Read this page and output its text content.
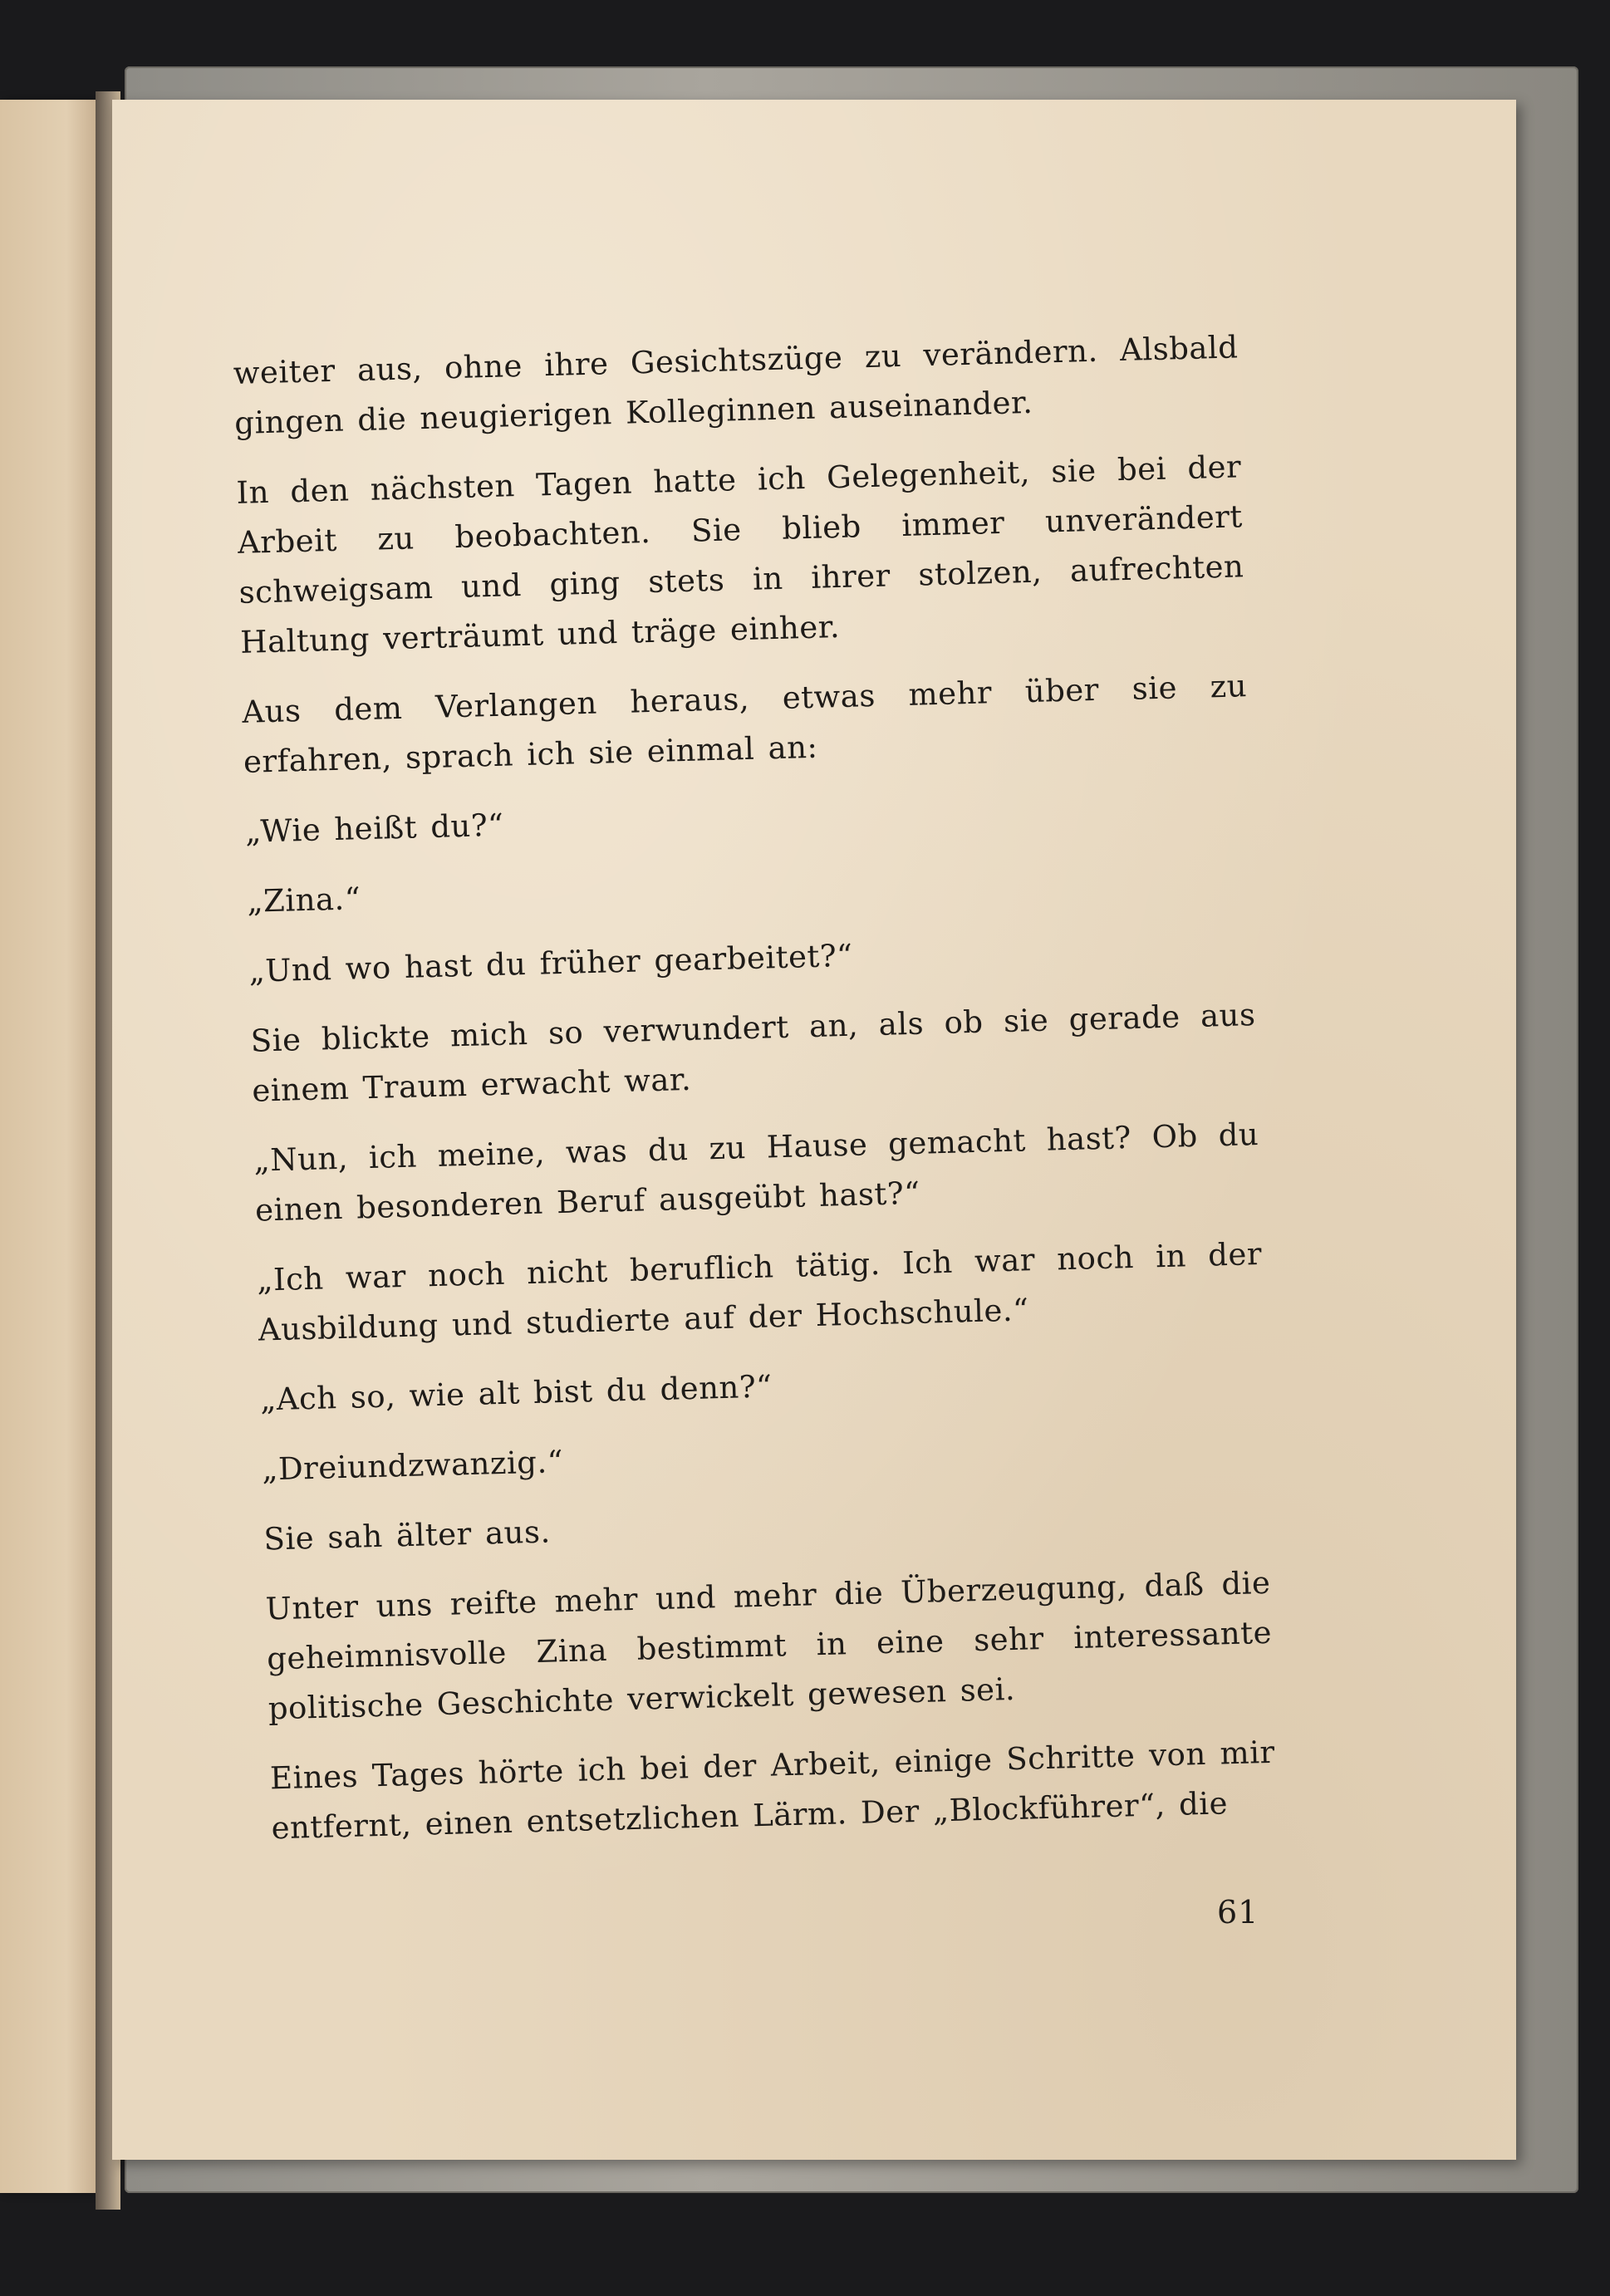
weiter aus, ohne ihre Gesichtszüge zu verändern. Alsbald gingen die neugierigen Kolleginnen auseinander.

In den nächsten Tagen hatte ich Gelegenheit, sie bei der Arbeit zu beobachten. Sie blieb immer unverändert schweigsam und ging stets in ihrer stolzen, aufrechten Haltung verträumt und träge einher.

Aus dem Verlangen heraus, etwas mehr über sie zu erfahren, sprach ich sie einmal an:

„Wie heißt du?“

„Zina.“

„Und wo hast du früher gearbeitet?“

Sie blickte mich so verwundert an, als ob sie gerade aus einem Traum erwacht war.

„Nun, ich meine, was du zu Hause gemacht hast? Ob du einen besonderen Beruf ausgeübt hast?“

„Ich war noch nicht beruflich tätig. Ich war noch in der Ausbildung und studierte auf der Hochschule.“

„Ach so, wie alt bist du denn?“

„Dreiundzwanzig.“

Sie sah älter aus.

Unter uns reifte mehr und mehr die Überzeugung, daß die geheimnisvolle Zina bestimmt in eine sehr interessante politische Geschichte verwickelt gewesen sei.

Eines Tages hörte ich bei der Arbeit, einige Schritte von mir entfernt, einen entsetzlichen Lärm. Der „Blockführer“, die

61
